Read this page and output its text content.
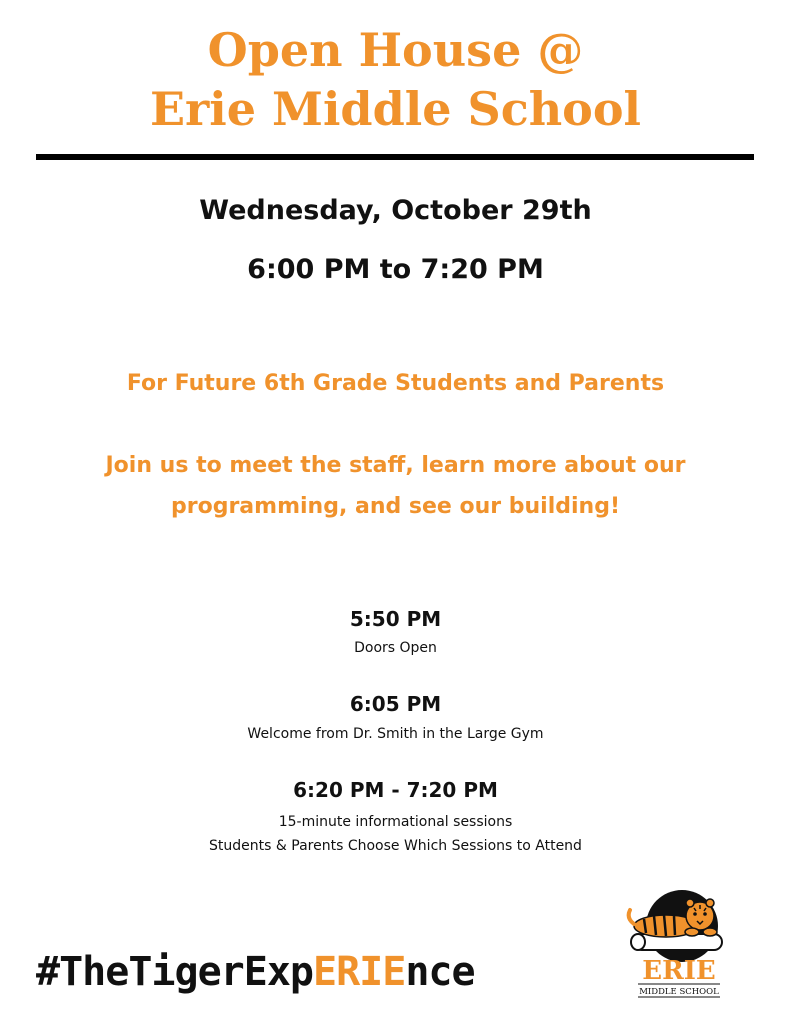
Open House @
Erie Middle School
Wednesday, October 29th
6:00 PM to 7:20 PM
For Future 6th Grade Students and Parents
Join us to meet the staff, learn more about our
programming, and see our building!
5:50 PM
Doors Open
6:05 PM
Welcome from Dr. Smith in the Large Gym
6:20 PM - 7:20 PM
15-minute informational sessions
Students & Parents Choose Which Sessions to Attend
#TheTigerExpERIEnce	ERIE
MIDDLE SCHOOL
